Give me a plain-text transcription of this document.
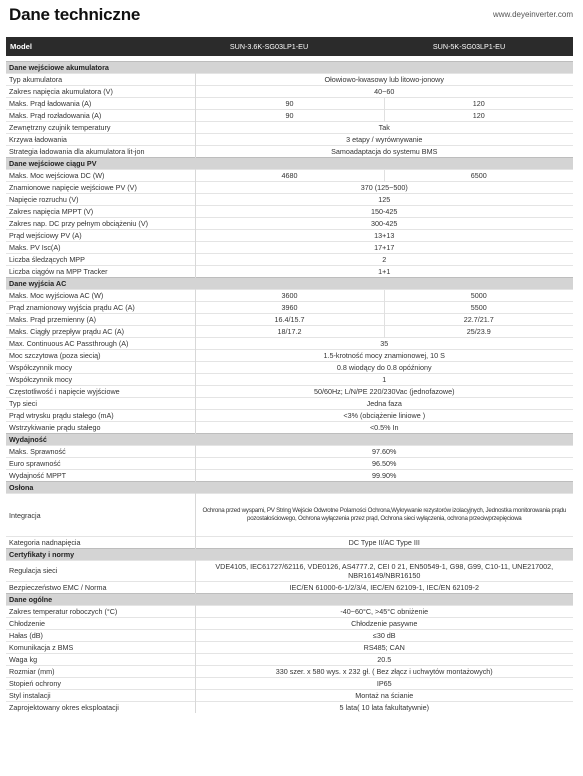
Dane techniczne	www.deyeinverter.com
Model	SUN-3.6K-SG03LP1-EU	SUN-5K-SG03LP1-EU
Dane wejściowe akumulatora		
Typ akumulatora	Ołowiowo-kwasowy lub litowo-jonowy	
Zakres napięcia akumulatora (V)	40~60	
Maks. Prąd ładowania (A)	90	120
Maks. Prąd rozładowania (A)	90	120
Zewnętrzny czujnik temperatury	Tak	
Krzywa ładowania	3 etapy / wyrównywanie	
Strategia ładowania dla akumulatora lit-jon	Samoadaptacja do systemu BMS	
Dane wejściowe ciągu PV		
Maks. Moc wejściowa DC (W)	4680	6500
Znamionowe napięcie wejściowe PV (V)	370 (125~500)	
Napięcie rozruchu (V)	125	
Zakres napięcia MPPT (V)	150-425	
Zakres nap. DC przy pełnym obciążeniu (V)	300-425	
Prąd wejściowy PV (A)	13+13	
Maks. PV Isc(A)	17+17	
Liczba śledzących MPP	2	
Liczba ciągów na MPP Tracker	1+1	
Dane wyjścia AC		
Maks. Moc wyjściowa AC (W)	3600	5000
Prąd znamionowy wyjścia prądu AC (A)	3960	5500
Maks. Prąd przemienny (A)	16.4/15.7	22.7/21.7
Maks. Ciągły przepływ prądu AC (A)	18/17.2	25/23.9
Max. Continuous AC Passthrough (A)	35	
Moc szczytowa (poza siecią)	1.5-krotność mocy znamionowej, 10 S	
Współczynnik mocy	0.8 wiodący do 0.8 opóźniony	
Współczynnik mocy	1	
Częstotliwość i napięcie wyjściowe	50/60Hz; L/N/PE 220/230Vac (jednofazowe)	
Typ sieci	Jedna faza	
Prąd wtrysku prądu stałego (mA)	<3% (obciążenie liniowe )	
Wstrzykiwanie prądu stałego	<0.5% In	
Wydajność		
Maks. Sprawność	97.60%	
Euro sprawność	96.50%	
Wydajność MPPT	99.90%	
Osłona		
Integracja	Ochrona przed wyspami, PV String Wejście Odwrotne Polarności Ochrona,Wykrywanie rezystorów izolacyjnych, Jednostka monitorowania prądu pozostałościowego, Ochrona wyłączenia przez prąd, Ochrona sieci wyłączenia, ochrona przeciwprzepięciowa	
Kategoria nadnapięcia	DC Type II/AC Type III	
Certyfikaty i normy		
Regulacja sieci	VDE4105, IEC61727/62116, VDE0126, AS4777.2, CEI 0 21, EN50549-1, G98, G99, C10-11, UNE217002, NBR16149/NBR16150	
Bezpieczeństwo EMC / Norma	IEC/EN 61000-6-1/2/3/4, IEC/EN 62109-1, IEC/EN 62109-2	
Dane ogólne		
Zakres temperatur roboczych (°C)	-40~60°C, >45°C obniżenie	
Chłodzenie	Chłodzenie pasywne	
Hałas (dB)	≤30 dB	
Komunikacja z BMS	RS485; CAN	
Waga kg	20.5	
Rozmiar (mm)	330 szer. x 580 wys. x 232 gł. ( Bez złącz i uchwytów montażowych)	
Stopień ochrony	IP65	
Styl instalacji	Montaż na ścianie	
Zaprojektowany okres eksploatacji	5 lata( 10 lata fakultatywnie)	
